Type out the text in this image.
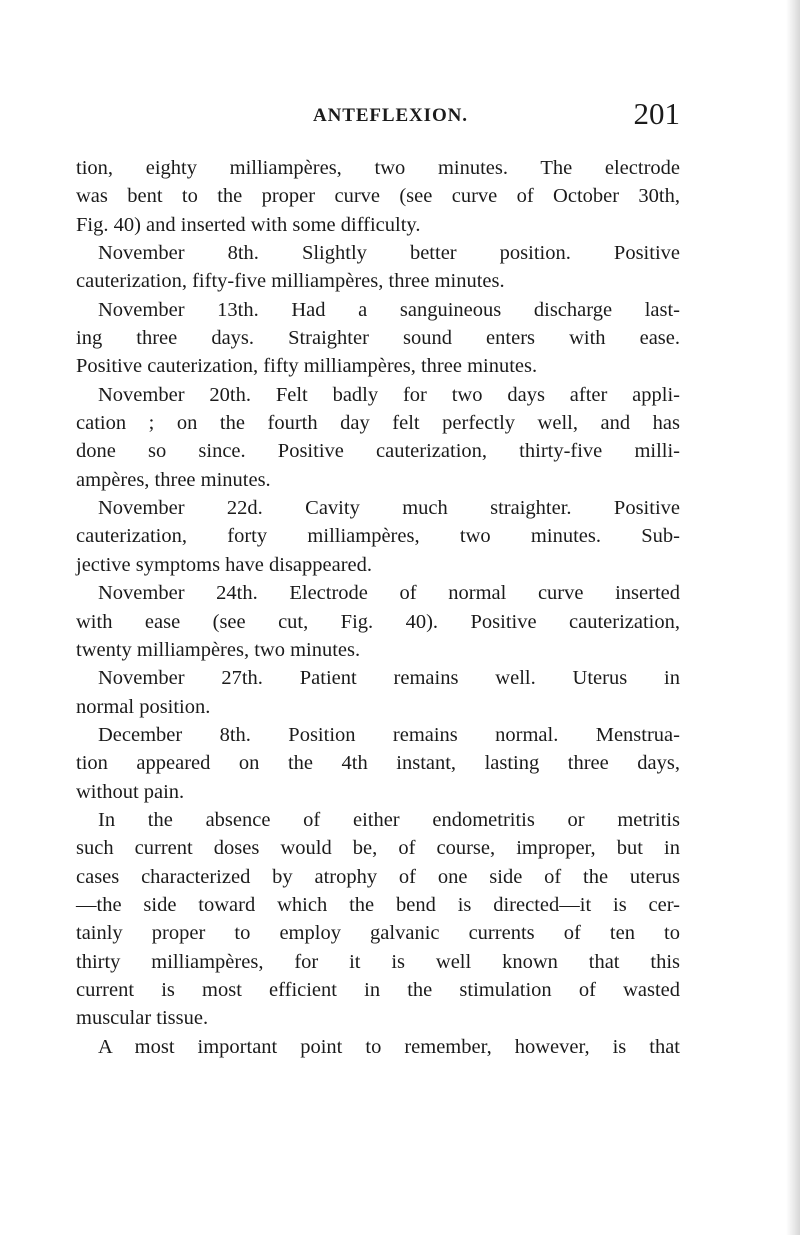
ANTEFLEXION.	201
tion, eighty milliampères, two minutes. The electrode
was bent to the proper curve (see curve of October 30th,
Fig. 40) and inserted with some difficulty.
November 8th. Slightly better position. Positive
cauterization, fifty-five milliampères, three minutes.
November 13th. Had a sanguineous discharge last-
ing three days. Straighter sound enters with ease.
Positive cauterization, fifty milliampères, three minutes.
November 20th. Felt badly for two days after appli-
cation ; on the fourth day felt perfectly well, and has
done so since. Positive cauterization, thirty-five milli-
ampères, three minutes.
November 22d. Cavity much straighter. Positive
cauterization, forty milliampères, two minutes. Sub-
jective symptoms have disappeared.
November 24th. Electrode of normal curve inserted
with ease (see cut, Fig. 40). Positive cauterization,
twenty milliampères, two minutes.
November 27th. Patient remains well. Uterus in
normal position.
December 8th. Position remains normal. Menstrua-
tion appeared on the 4th instant, lasting three days,
without pain.
In the absence of either endometritis or metritis
such current doses would be, of course, improper, but in
cases characterized by atrophy of one side of the uterus
—the side toward which the bend is directed—it is cer-
tainly proper to employ galvanic currents of ten to
thirty milliampères, for it is well known that this
current is most efficient in the stimulation of wasted
muscular tissue.
A most important point to remember, however, is that
